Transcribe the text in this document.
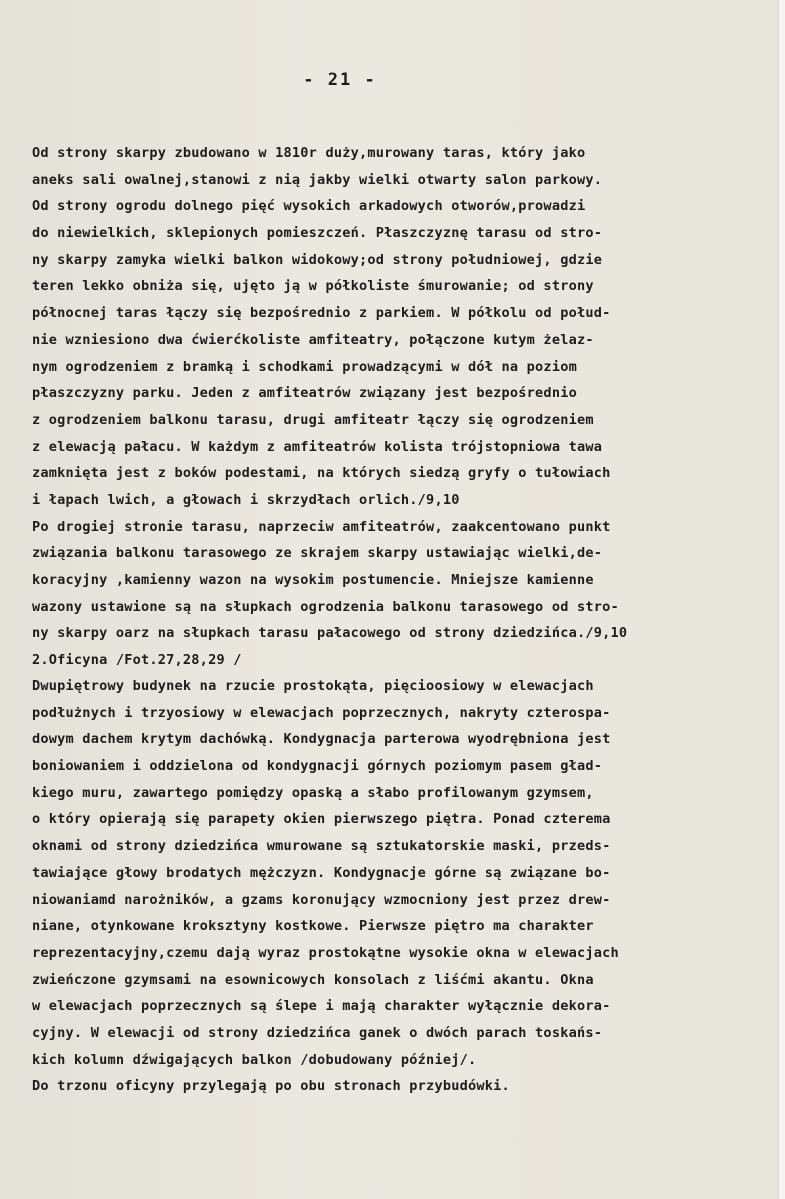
- 21 -
Od strony skarpy zbudowano w 1810r duży,murowany taras, który jako
aneks sali owalnej,stanowi z nią jakby wielki otwarty salon parkowy.
Od strony ogrodu dolnego pięć wysokich arkadowych otworów,prowadzi
do niewielkich, sklepionych pomieszczeń. Płaszczyznę tarasu od stro-
ny skarpy zamyka wielki balkon widokowy;od strony południowej, gdzie
teren lekko obniża się, ujęto ją w półkoliste śmurowanie; od strony
północnej taras łączy się bezpośrednio z parkiem. W półkolu od połud-
nie wzniesiono dwa ćwierćkoliste amfiteatry, połączone kutym żelaz-
nym ogrodzeniem z bramką i schodkami prowadzącymi w dół na poziom
płaszczyzny parku. Jeden z amfiteatrów związany jest bezpośrednio
z ogrodzeniem balkonu tarasu, drugi amfiteatr łączy się ogrodzeniem
z elewacją pałacu. W każdym z amfiteatrów kolista trójstopniowa tawa
zamknięta jest z boków podestami, na których siedzą gryfy o tułowiach
i łapach lwich, a głowach i skrzydłach orlich./9,10
Po drogiej stronie tarasu, naprzeciw amfiteatrów, zaakcentowano punkt
związania balkonu tarasowego ze skrajem skarpy ustawiając wielki,de-
koracyjny ,kamienny wazon na wysokim postumencie. Mniejsze kamienne
wazony ustawione są na słupkach ogrodzenia balkonu tarasowego od stro-
ny skarpy oarz na słupkach tarasu pałacowego od strony dziedzińca./9,10
2.Oficyna /Fot.27,28,29 /
Dwupiętrowy budynek na rzucie prostokąta, pięcioosiowy w elewacjach
podłużnych i trzyosiowy w elewacjach poprzecznych, nakryty czterospa-
dowym dachem krytym dachówką. Kondygnacja parterowa wyodrębniona jest
boniowaniem i oddzielona od kondygnacji górnych poziomym pasem gład-
kiego muru, zawartego pomiędzy opaską a słabo profilowanym gzymsem,
o który opierają się parapety okien pierwszego piętra. Ponad czterema
oknami od strony dziedzińca wmurowane są sztukatorskie maski, przeds-
tawiające głowy brodatych mężczyzn. Kondygnacje górne są związane bo-
niowaniamd narożników, a gzams koronujący wzmocniony jest przez drew-
niane, otynkowane kroksztyny kostkowe. Pierwsze piętro ma charakter
reprezentacyjny,czemu dają wyraz prostokątne wysokie okna w elewacjach
zwieńczone gzymsami na esownicowych konsolach z liśćmi akantu. Okna
w elewacjach poprzecznych są ślepe i mają charakter wyłącznie dekora-
cyjny. W elewacji od strony dziedzińca ganek o dwóch parach toskańs-
kich kolumn dźwigających balkon /dobudowany później/.
Do trzonu oficyny przylegają po obu stronach przybudówki.
